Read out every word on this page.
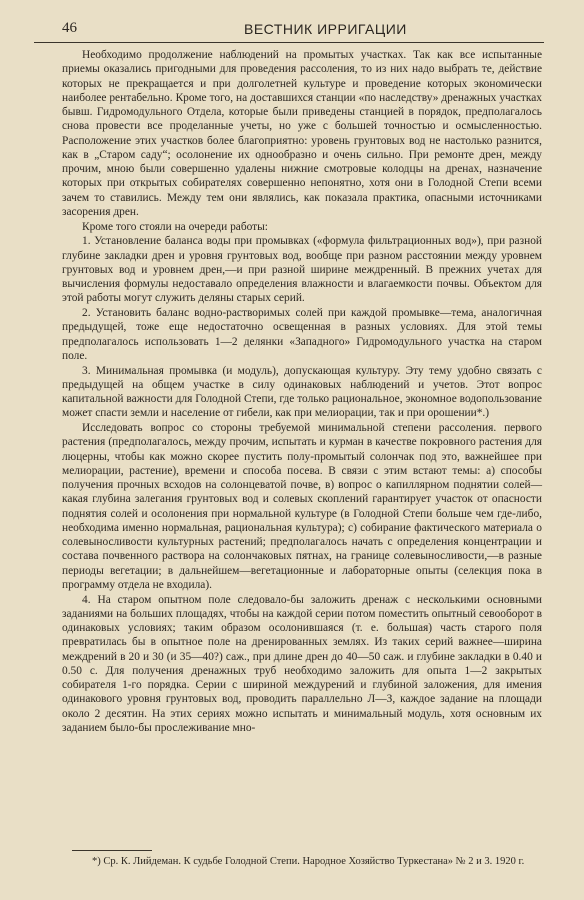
46	ВЕСТНИК ИРРИГАЦИИ

Необходимо продолжение наблюдений на промытых участках. Так как все испытанные приемы оказались пригодными для проведения рассоления, то из них надо выбрать те, действие которых не прекращается и при долголетней культуре и проведение которых экономически наиболее рентабельно. Кроме того, на доставшихся станции «по наследству» дренажных участках бывш. Гидромодульного Отдела, которые были приведены станцией в порядок, предполагалось снова провести все проделанные учеты, но уже с большей точностью и осмысленностью. Расположение этих участков более благоприятно: уровень грунтовых вод не настолько разнится, как в „Старом саду“; осолонение их однообразно и очень сильно. При ремонте дрен, между прочим, мною были совершенно удалены нижние смотровые колодцы на дренах, назначение которых при открытых собирателях совершенно непонятно, хотя они в Голодной Степи всеми зачем то ставились. Между тем они являлись, как показала практика, опасными источниками засорения дрен.

Кроме того стояли на очереди работы:

1. Установление баланса воды при промывках («формула фильтрационных вод»), при разной глубине закладки дрен и уровня грунтовых вод, вообще при разном расстоянии между уровнем грунтовых вод и уровнем дрен,—и при разной ширине междренный. В прежних учетах для вычисления формулы недоставало определения влажности и влагаемкости почвы. Объектом для этой работы могут служить деляны старых серий.

2. Установить баланс водно-растворимых солей при каждой промывке—тема, аналогичная предыдущей, тоже еще недостаточно освещенная в разных условиях. Для этой темы предполагалось использовать 1—2 делянки «Западного» Гидромодульного участка на старом поле.

3. Минимальная промывка (и модуль), допускающая культуру. Эту тему удобно связать с предыдущей на общем участке в силу одинаковых наблюдений и учетов. Этот вопрос капитальной важности для Голодной Степи, где только рациональное, экономное водопользование может спасти земли и население от гибели, как при мелиорации, так и при орошении*.)

Исследовать вопрос со стороны требуемой минимальной степени рассоления. первого растения (предполагалось, между прочим, испытать и курман в качестве покровного растения для люцерны, чтобы как можно скорее пустить полу-промытый солончак под это, важнейшее при мелиорации, растение), времени и способа посева. В связи с этим встают темы: а) способы получения прочных всходов на солонцеватой почве, в) вопрос о капиллярном поднятии солей—какая глубина залегания грунтовых вод и солевых скоплений гарантирует участок от опасности поднятия солей и осолонения при нормальной культуре (в Голодной Степи больше чем где-либо, необходима именно нормальная, рациональная культура); с) собирание фактического материала о солевыносливости культурных растений; предполагалось начать с определения концентрации и состава почвенного раствора на солончаковых пятнах, на границе солевыносливости,—в разные периоды вегетации; в дальнейшем—вегетационные и лабораторные опыты (селекция пока в программу отдела не входила).

4. На старом опытном поле следовало-бы заложить дренаж с несколькими основными заданиями на больших площадях, чтобы на каждой серии потом поместить опытный севооборот в одинаковых условиях; таким образом осолонившаяся (т. е. большая) часть старого поля превратилась бы в опытное поле на дренированных землях. Из таких серий важнее—ширина междрений в 20 и 30 (и 35—40?) саж., при длине дрен до 40—50 саж. и глубине закладки в 0.40 и 0.50 с. Для получения дренажных труб необходимо заложить для опыта 1—2 закрытых собирателя 1-го порядка. Серии с шириной междурений и глубиной заложения, для имения одинакового уровня грунтовых вод, проводить параллельно Л—З, каждое задание на площади около 2 десятин. На этих сериях можно испытать и минимальный модуль, хотя основным их заданием было-бы прослеживание мно-

*) Ср. К. Лийдеман. К судьбе Голодной Степи. Народное Хозяйство Туркестана» № 2 и 3. 1920 г.
